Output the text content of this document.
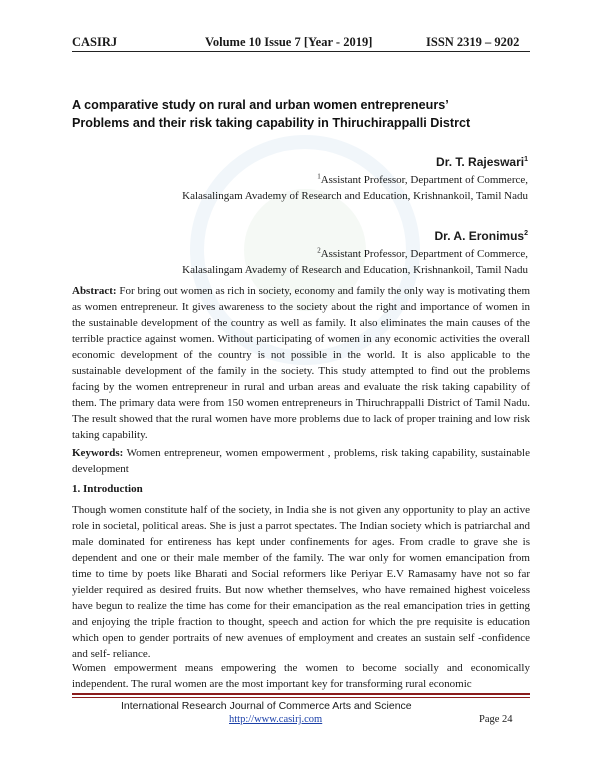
CASIRJ	Volume 10 Issue 7 [Year - 2019]	ISSN 2319 – 9202
A comparative study on rural and urban women entrepreneurs’
Problems and their risk taking capability in Thiruchirappalli Distrct
Dr. T. Rajeswari$^1$
$^1$Assistant Professor, Department of Commerce,
Kalasalingam Avademy of Research and Education, Krishnankoil, Tamil Nadu
Dr. A. Eronimus$^2$
$^2$Assistant Professor, Department of Commerce,
Kalasalingam Avademy of Research and Education, Krishnankoil, Tamil Nadu
Abstract: For bring out women as rich in society, economy and family the only way is motivating them as women entrepreneur. It gives awareness to the society about the right and importance of women in the sustainable development of the country as well as family. It also eliminates the main causes of the terrible practice against women. Without participating of women in any economic activities the overall economic development of the country is not possible in the world. It is also applicable to the sustainable development of the family in the society. This study attempted to find out the problems facing by the women entrepreneur in rural and urban areas and evaluate the risk taking capability of them. The primary data were from 150 women entrepreneurs in Thiruchrappalli District of Tamil Nadu. The result showed that the rural women have more problems due to lack of proper training and low risk taking capability.
Keywords: Women entrepreneur, women empowerment , problems, risk taking capability, sustainable development
1. Introduction
Though women constitute half of the society, in India she is not given any opportunity to play an active role in societal, political areas. She is just a parrot spectates. The Indian society which is patriarchal and male dominated for entireness has kept under confinements for ages. From cradle to grave she is dependent and one or their male member of the family. The war only for women emancipation from time to time by poets like Bharati and Social reformers like Periyar E.V Ramasamy have not so far yielder required as desired fruits. But now whether themselves, who have remained highest voiceless have begun to realize the time has come for their emancipation as the real emancipation tries in getting and enjoying the triple fraction to thought, speech and action for which the pre requisite is education which open to gender portraits of new avenues of employment and creates an sustain self -confidence and self- reliance.
Women empowerment means empowering the women to become socially and economically independent. The rural women are the most important key for transforming rural economic
International Research Journal of Commerce Arts and Science
http://www.casirj.com	Page 24
